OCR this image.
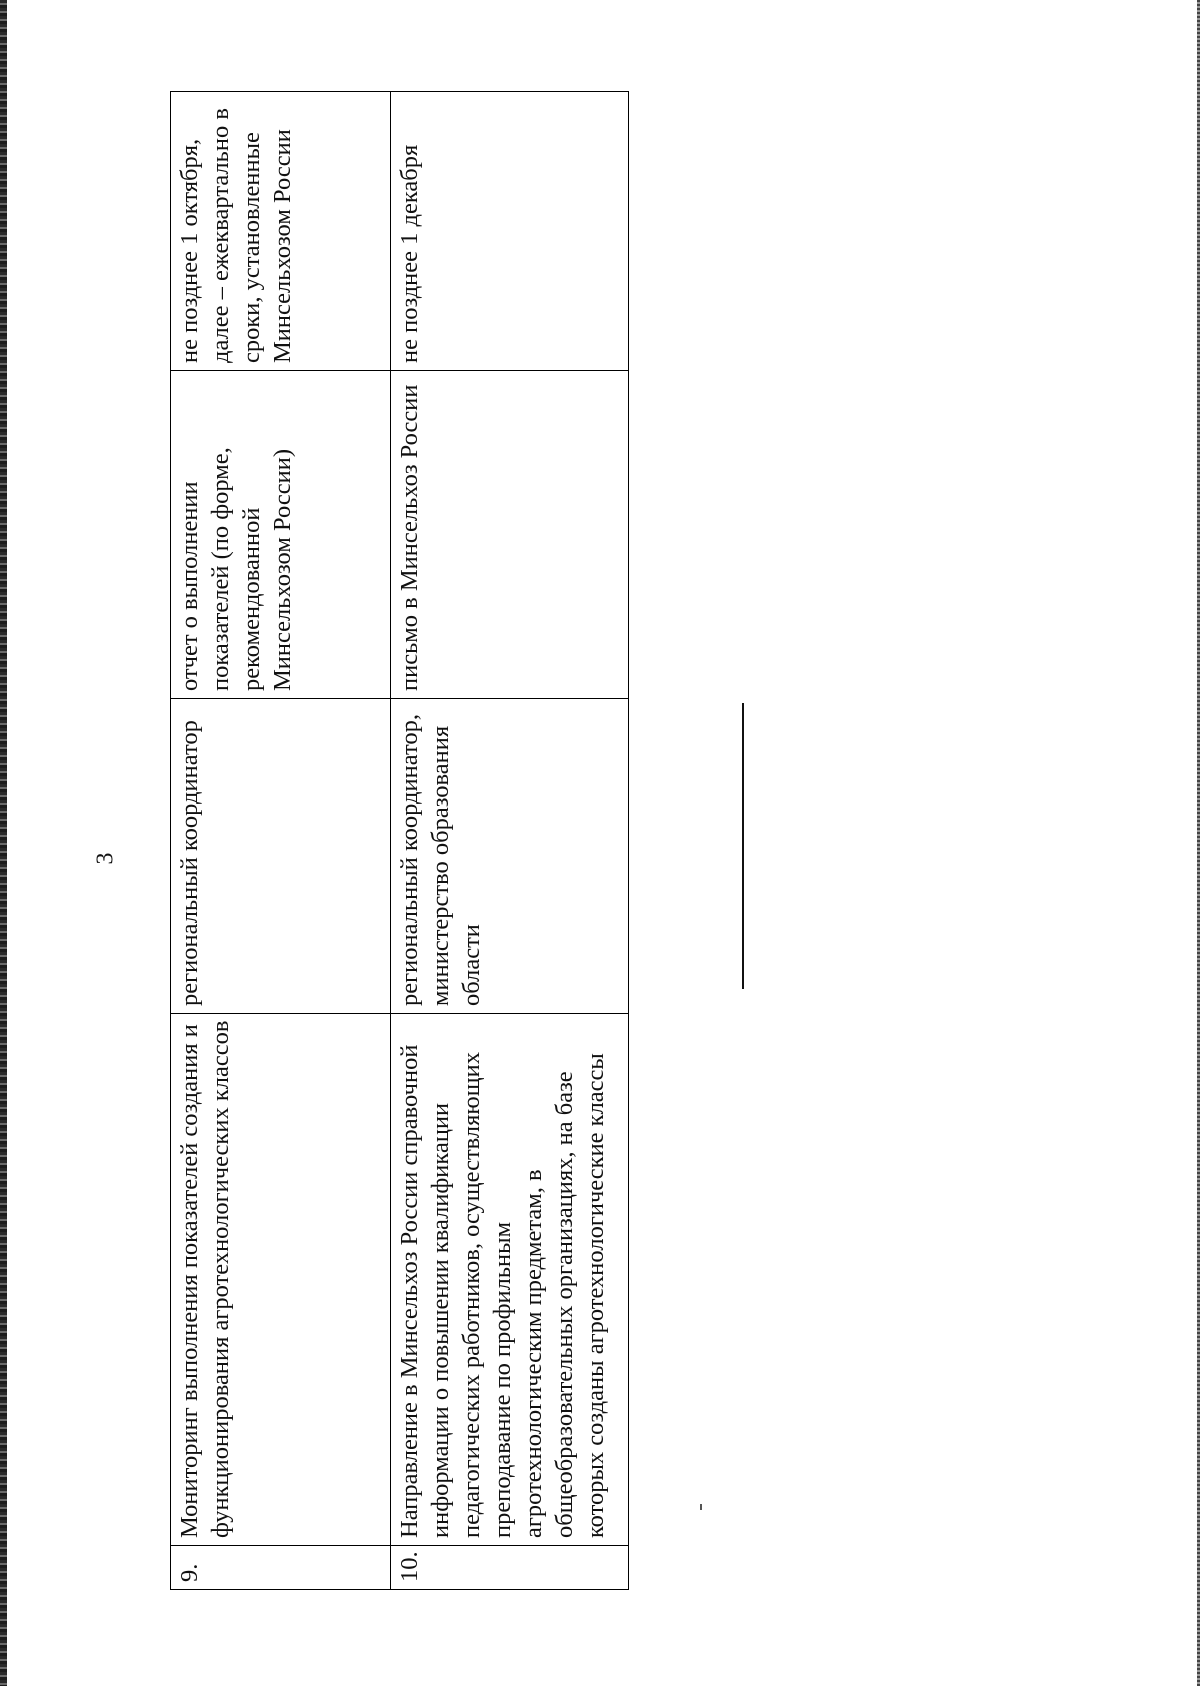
3
9.	Мониторинг выполнения показателей создания и функционирования агротехнологических классов	региональный координатор	отчет о выполнении показателей (по форме, рекомендованной Минсельхозом России)	не позднее 1 октября, далее – ежеквартально в сроки, установленные Минсельхозом России
10.	Направление в Минсельхоз России справочной информации о повышении квалификации педагогических работников, осуществляющих преподавание по профильным агротехнологическим предметам, в общеобразовательных организациях, на базе которых созданы агротехнологические классы	региональный координатор, министерство образования области	письмо в Минсельхоз России	не позднее 1 декабря
